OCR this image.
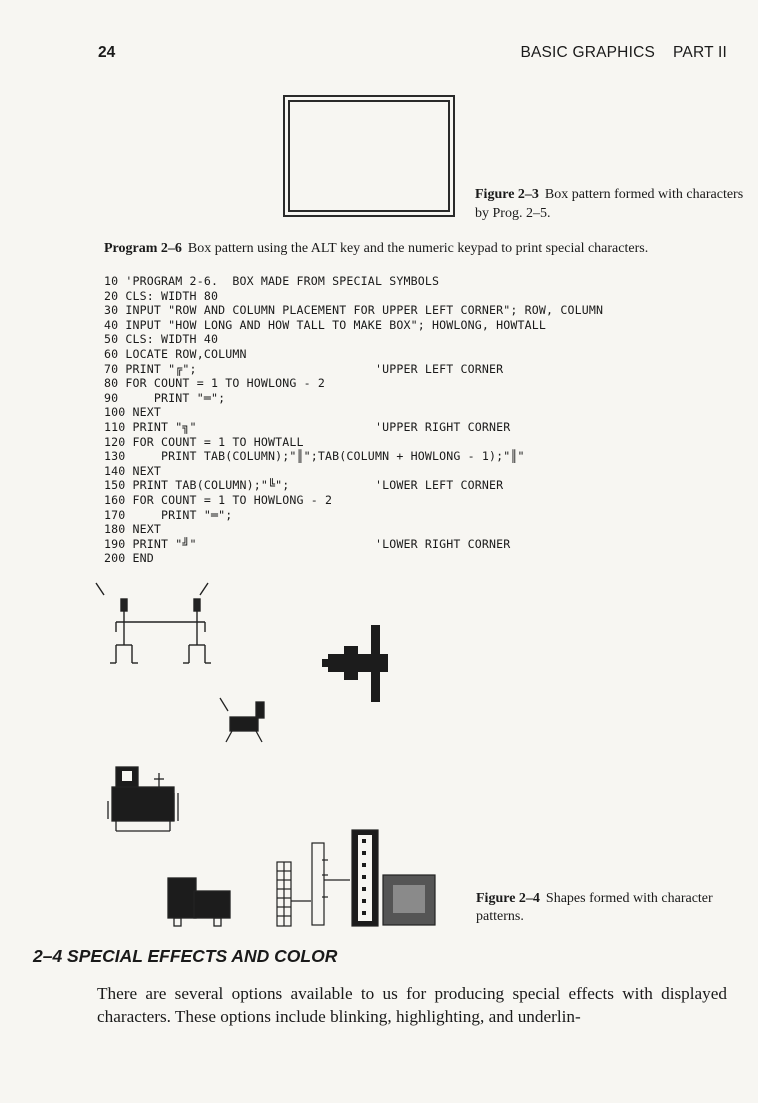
24	BASIC GRAPHICS    PART II
Figure 2–3 Box pattern formed with characters by Prog. 2–5.
Program 2–6 Box pattern using the ALT key and the numeric keypad to print special characters.
10 'PROGRAM 2-6.  BOX MADE FROM SPECIAL SYMBOLS
20 CLS: WIDTH 80
30 INPUT "ROW AND COLUMN PLACEMENT FOR UPPER LEFT CORNER"; ROW, COLUMN
40 INPUT "HOW LONG AND HOW TALL TO MAKE BOX"; HOWLONG, HOWTALL
50 CLS: WIDTH 40
60 LOCATE ROW,COLUMN
70 PRINT "╔";                         'UPPER LEFT CORNER
80 FOR COUNT = 1 TO HOWLONG - 2
90     PRINT "═";
100 NEXT
110 PRINT "╗"                         'UPPER RIGHT CORNER
120 FOR COUNT = 1 TO HOWTALL
130     PRINT TAB(COLUMN);"║";TAB(COLUMN + HOWLONG - 1);"║"
140 NEXT
150 PRINT TAB(COLUMN);"╚";            'LOWER LEFT CORNER
160 FOR COUNT = 1 TO HOWLONG - 2
170     PRINT "═";
180 NEXT
190 PRINT "╝"                         'LOWER RIGHT CORNER
200 END
Figure 2–4 Shapes formed with character patterns.
2–4 SPECIAL EFFECTS AND COLOR
There are several options available to us for producing special effects with displayed characters. These options include blinking, highlighting, and underlin-
